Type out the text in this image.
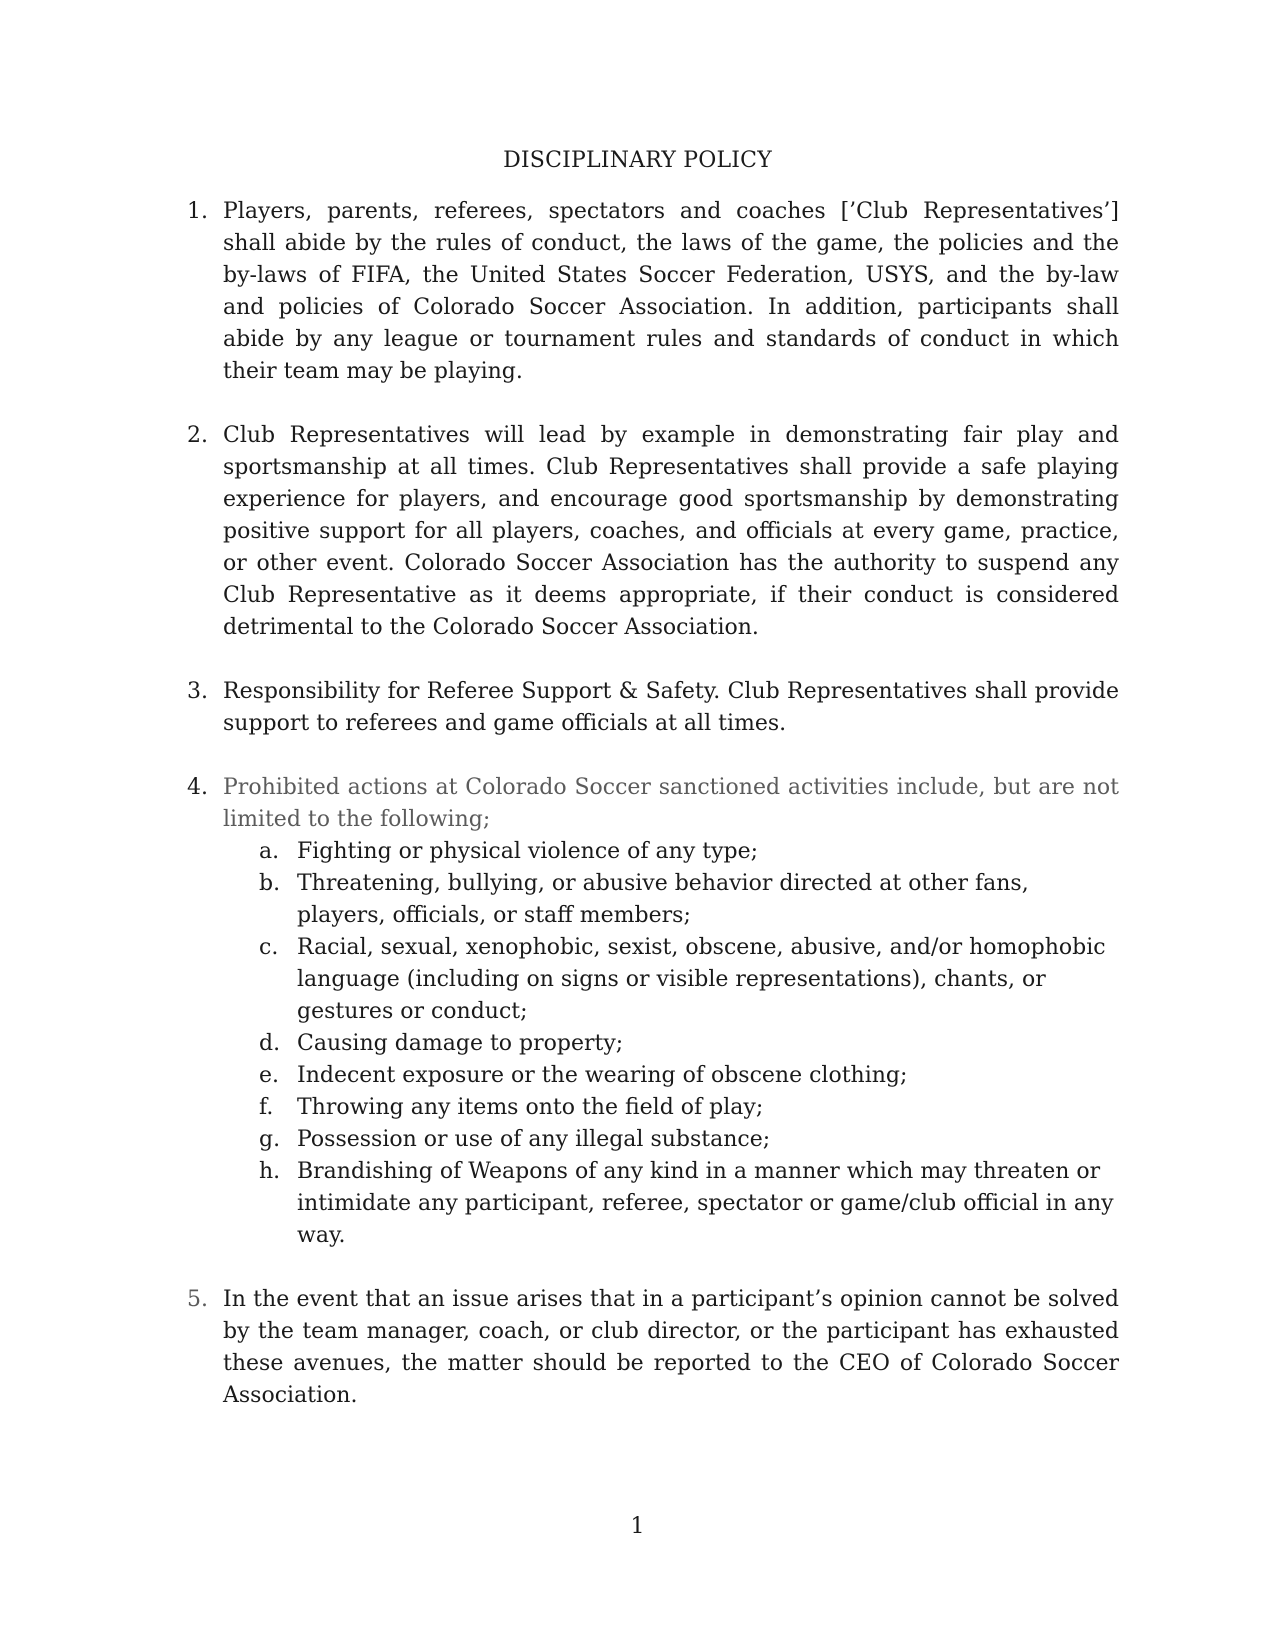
DISCIPLINARY POLICY
1. Players, parents, referees, spectators and coaches [’Club Representatives’] shall abide by the rules of conduct, the laws of the game, the policies and the by-laws of FIFA, the United States Soccer Federation, USYS, and the by-law and policies of Colorado Soccer Association. In addition, participants shall abide by any league or tournament rules and standards of conduct in which their team may be playing.
2. Club Representatives will lead by example in demonstrating fair play and sportsmanship at all times. Club Representatives shall provide a safe playing experience for players, and encourage good sportsmanship by demonstrating positive support for all players, coaches, and officials at every game, practice, or other event. Colorado Soccer Association has the authority to suspend any Club Representative as it deems appropriate, if their conduct is considered detrimental to the Colorado Soccer Association.
3. Responsibility for Referee Support & Safety. Club Representatives shall provide support to referees and game officials at all times.
4. Prohibited actions at Colorado Soccer sanctioned activities include, but are not limited to the following;
a. Fighting or physical violence of any type;
b. Threatening, bullying, or abusive behavior directed at other fans, players, officials, or staff members;
c. Racial, sexual, xenophobic, sexist, obscene, abusive, and/or homophobic language (including on signs or visible representations), chants, or gestures or conduct;
d. Causing damage to property;
e. Indecent exposure or the wearing of obscene clothing;
f.	Throwing any items onto the field of play;
g. Possession or use of any illegal substance;
h. Brandishing of Weapons of any kind in a manner which may threaten or intimidate any participant, referee, spectator or game/club official in any way.
5. In the event that an issue arises that in a participant’s opinion cannot be solved by the team manager, coach, or club director, or the participant has exhausted these avenues, the matter should be reported to the CEO of Colorado Soccer Association.
1
